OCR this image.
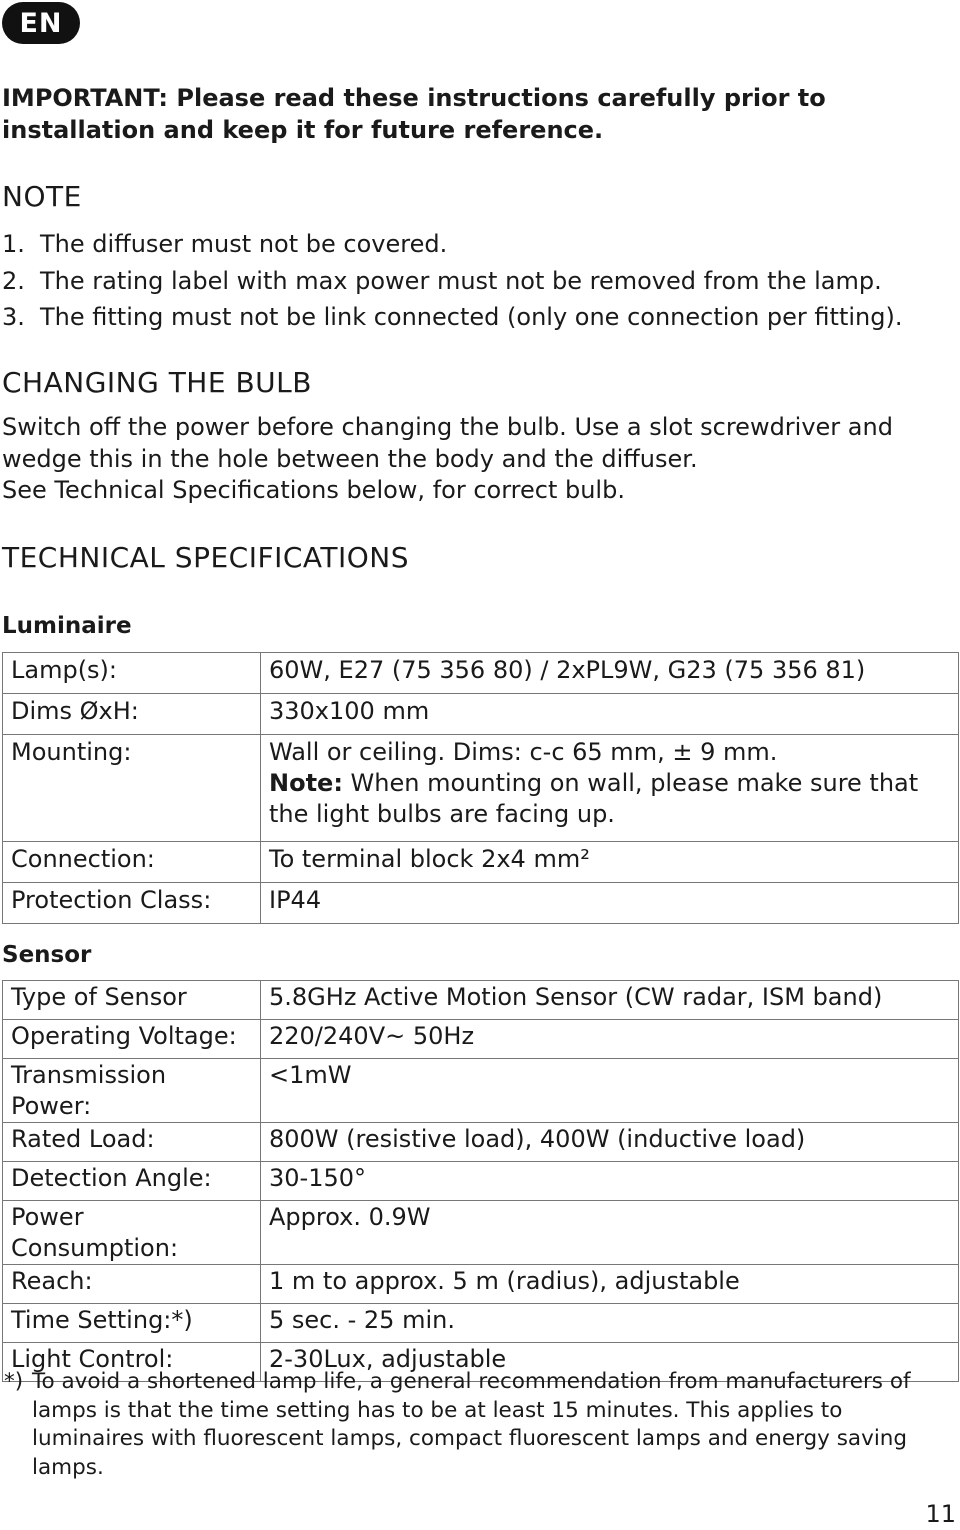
EN
IMPORTANT: Please read these instructions carefully prior to installation and keep it for future reference.
NOTE
1. The diffuser must not be covered.
2. The rating label with max power must not be removed from the lamp.
3. The fitting must not be link connected (only one connection per fitting).
CHANGING THE BULB

Switch off the power before changing the bulb. Use a slot screwdriver and wedge this in the hole between the body and the diffuser.
See Technical Specifications below, for correct bulb.

TECHNICAL SPECIFICATIONS
Luminaire
Lamp(s):	60W, E27 (75 356 80) / 2xPL9W, G23 (75 356 81)
Dims ØxH:	330x100 mm
Mounting:	Wall or ceiling. Dims: c-c 65 mm, ± 9 mm.
Note: When mounting on wall, please make sure that the light bulbs are facing up.
Connection:	To terminal block 2x4 mm²
Protection Class:	IP44
Sensor
Type of Sensor	5.8GHz Active Motion Sensor (CW radar, ISM band)
Operating Voltage:	220/240V~ 50Hz
Transmission Power:	<1mW
Rated Load:	800W (resistive load), 400W (inductive load)
Detection Angle:	30-150°
Power Consumption:	Approx. 0.9W
Reach:	1 m to approx. 5 m (radius), adjustable
Time Setting:*)	5 sec. - 25 min.
Light Control:	2-30Lux, adjustable
*) To avoid a shortened lamp life, a general recommendation from manufacturers of lamps is that the time setting has to be at least 15 minutes. This applies to luminaires with fluorescent lamps, compact fluorescent lamps and energy saving lamps.
11
